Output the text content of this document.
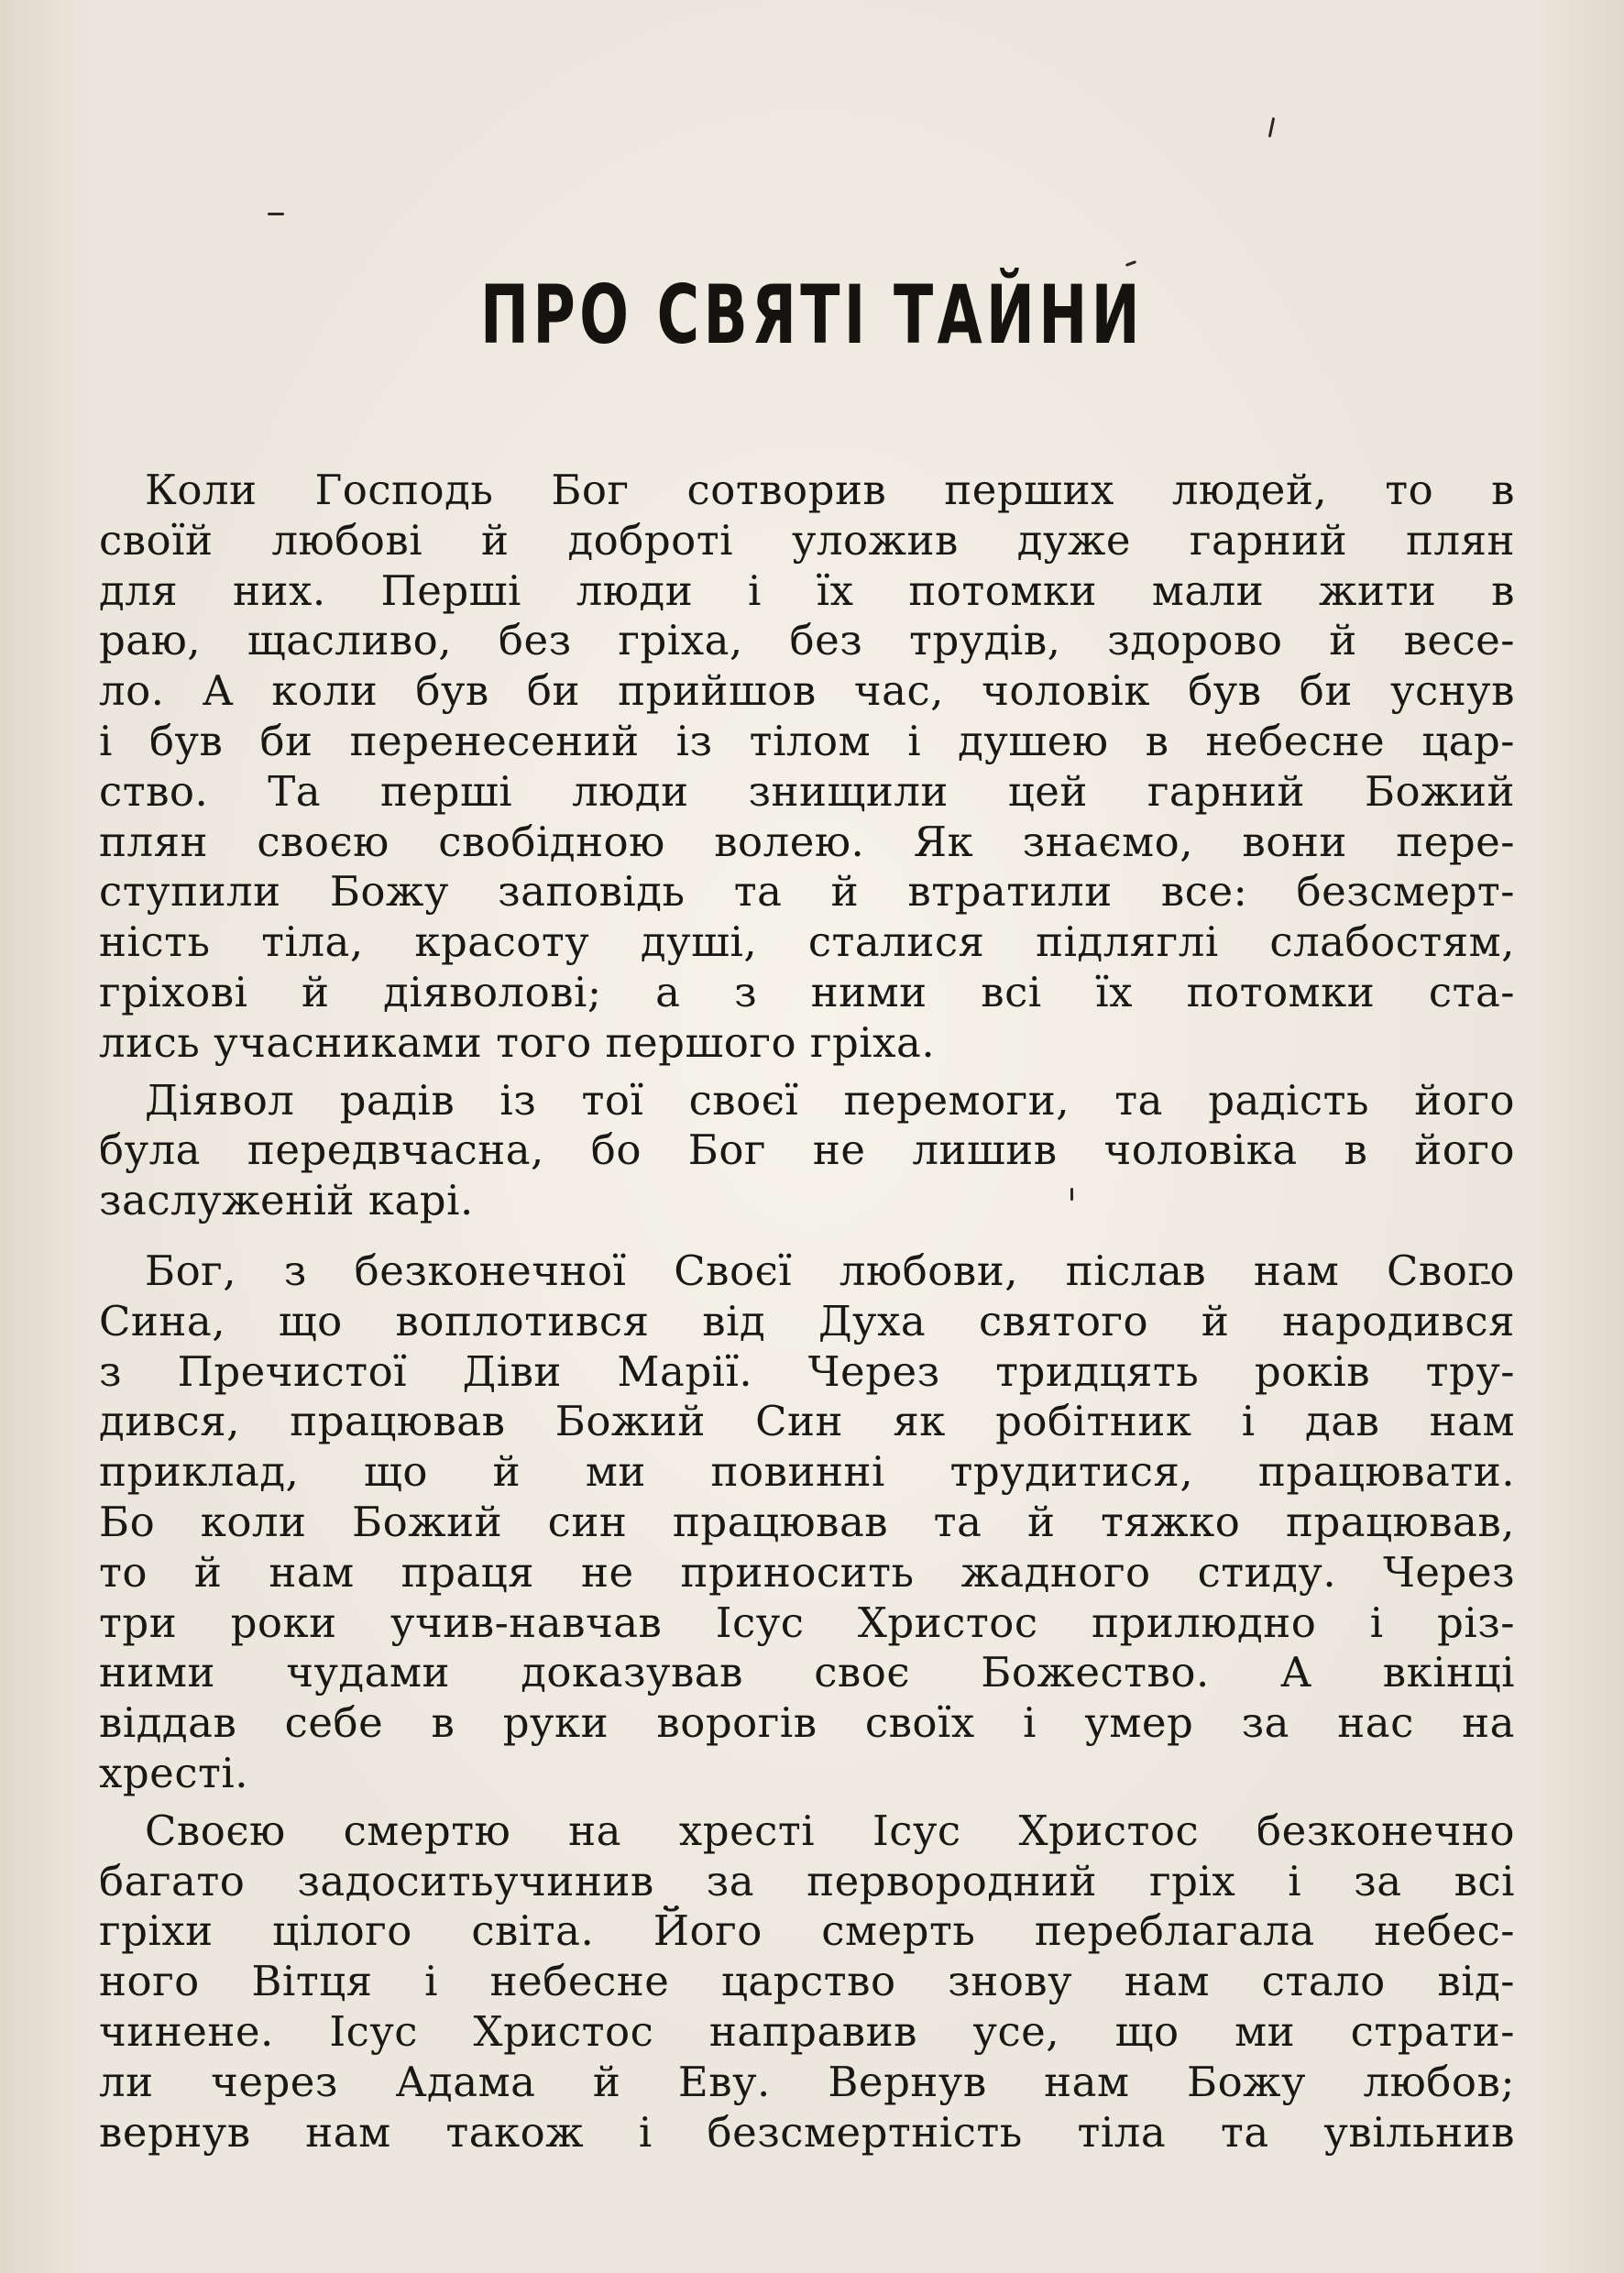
ПРО СВЯТІ ТАЙНИ

Коли Господь Бог сотворив перших людей, то в
своїй любові й доброті уложив дуже гарний плян
для них. Перші люди і їх потомки мали жити в
раю, щасливо, без гріха, без трудів, здорово й весе-
ло. А коли був би прийшов час, чоловік був би уснув
і був би перенесений із тілом і душею в небесне цар-
ство. Та перші люди знищили цей гарний Божий
плян своєю свобідною волею. Як знаємо, вони пере-
ступили Божу заповідь та й втратили все: безсмерт-
ність тіла, красоту душі, сталися підляглі слабостям,
гріхові й діяволові; а з ними всі їх потомки ста-
лись учасниками того першого гріха.

Діявол радів із тої своєї перемоги, та радість його
була передвчасна, бо Бог не лишив чоловіка в його
заслуженій карі.

Бог, з безконечної Своєї любови, післав нам Свого
Сина, що воплотився від Духа святого й народився
з Пречистої Діви Марії. Через тридцять років тру-
дився, працював Божий Син як робітник і дав нам
приклад, що й ми повинні трудитися, працювати.
Бо коли Божий син працював та й тяжко працював,
то й нам праця не приносить жадного стиду. Через
три роки учив-навчав Ісус Христос прилюдно і різ-
ними чудами доказував своє Божество. А вкінці
віддав себе в руки ворогів своїх і умер за нас на
хресті.

Своєю смертю на хресті Ісус Христос безконечно
багато задоситьучинив за первородний гріх і за всі
гріхи цілого світа. Його смерть переблагала небес-
ного Вітця і небесне царство знову нам стало від-
чинене. Ісус Христос направив усе, що ми страти-
ли через Адама й Еву. Вернув нам Божу любов;
вернув нам також і безсмертність тіла та увільнив
